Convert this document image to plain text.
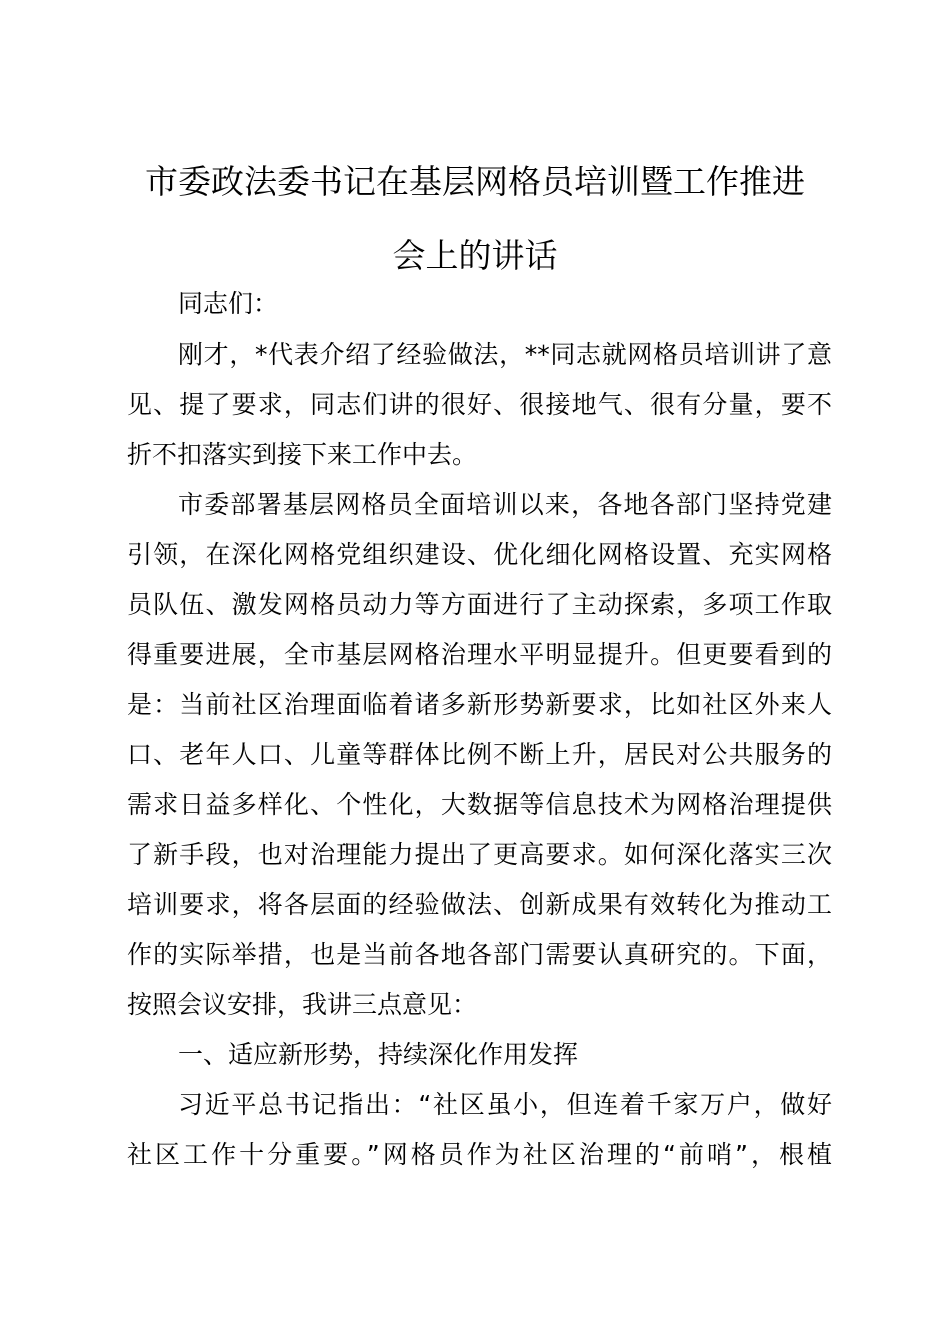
市委政法委书记在基层网格员培训暨工作推进
会上的讲话
同志们：
刚才，*代表介绍了经验做法，**同志就网格员培训讲了意
见、提了要求，同志们讲的很好、很接地气、很有分量，要不
折不扣落实到接下来工作中去。
市委部署基层网格员全面培训以来，各地各部门坚持党建
引领，在深化网格党组织建设、优化细化网格设置、充实网格
员队伍、激发网格员动力等方面进行了主动探索，多项工作取
得重要进展，全市基层网格治理水平明显提升。但更要看到的
是：当前社区治理面临着诸多新形势新要求，比如社区外来人
口、老年人口、儿童等群体比例不断上升，居民对公共服务的
需求日益多样化、个性化，大数据等信息技术为网格治理提供
了新手段，也对治理能力提出了更高要求。如何深化落实三次
培训要求，将各层面的经验做法、创新成果有效转化为推动工
作的实际举措，也是当前各地各部门需要认真研究的。下面，
按照会议安排，我讲三点意见：
一、适应新形势，持续深化作用发挥
习近平总书记指出：“社区虽小，但连着千家万户，做好
社区工作十分重要。”网格员作为社区治理的“前哨”，根植
